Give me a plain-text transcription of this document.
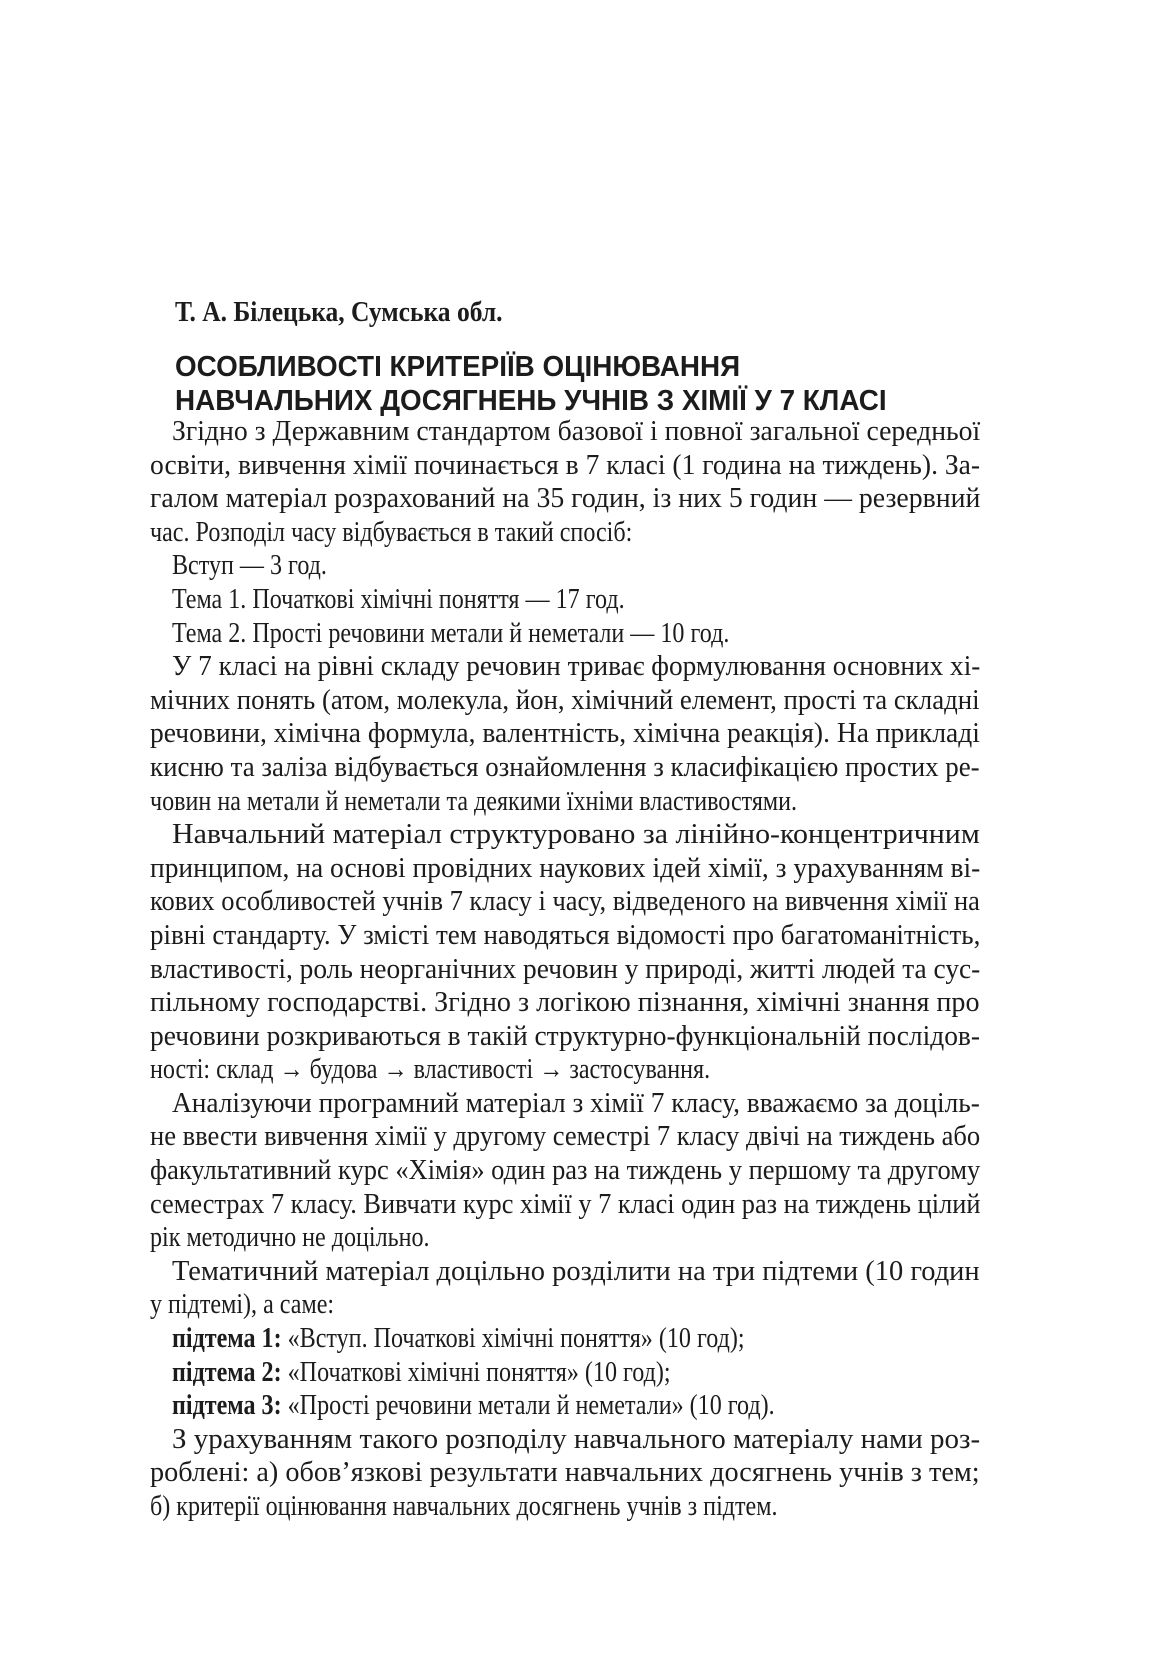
Т. А. Білецька, Сумська обл.
ОСОБЛИВОСТІ КРИТЕРІЇВ ОЦІНЮВАННЯ
НАВЧАЛЬНИХ ДОСЯГНЕНЬ УЧНІВ З ХІМІЇ У 7 КЛАСІ
Згідно з Державним стандартом базової і повної загальної середньої
освіти, вивчення хімії починається в 7 класі (1 година на тиждень). За-
галом матеріал розрахований на 35 годин, із них 5 годин — резервний
час. Розподіл часу відбувається в такий спосіб:
Вступ — 3 год.
Тема 1. Початкові хімічні поняття — 17 год.
Тема 2. Прості речовини метали й неметали — 10 год.
У 7 класі на рівні складу речовин триває формулювання основних хі-
мічних понять (атом, молекула, йон, хімічний елемент, прості та складні
речовини, хімічна формула, валентність, хімічна реакція). На прикладі
кисню та заліза відбувається ознайомлення з класифікацією простих ре-
човин на метали й неметали та деякими їхніми властивостями.
Навчальний матеріал структуровано за лінійно-концентричним
принципом, на основі провідних наукових ідей хімії, з урахуванням ві-
кових особливостей учнів 7 класу і часу, відведеного на вивчення хімії на
рівні стандарту. У змісті тем наводяться відомості про багатоманітність,
властивості, роль неорганічних речовин у природі, житті людей та сус-
пільному господарстві. Згідно з логікою пізнання, хімічні знання про
речовини розкриваються в такій структурно-функціональній послідов-
ності: склад → будова → властивості → застосування.
Аналізуючи програмний матеріал з хімії 7 класу, вважаємо за доціль-
не ввести вивчення хімії у другому семестрі 7 класу двічі на тиждень або
факультативний курс «Хімія» один раз на тиждень у першому та другому
семестрах 7 класу. Вивчати курс хімії у 7 класі один раз на тиждень цілий
рік методично не доцільно.
Тематичний матеріал доцільно розділити на три підтеми (10 годин
у підтемі), а саме:
підтема 1: «Вступ. Початкові хімічні поняття» (10 год);
підтема 2: «Початкові хімічні поняття» (10 год);
підтема 3: «Прості речовини метали й неметали» (10 год).
З урахуванням такого розподілу навчального матеріалу нами роз-
роблені: а) обов’язкові результати навчальних досягнень учнів з тем;
б) критерії оцінювання навчальних досягнень учнів з підтем.
